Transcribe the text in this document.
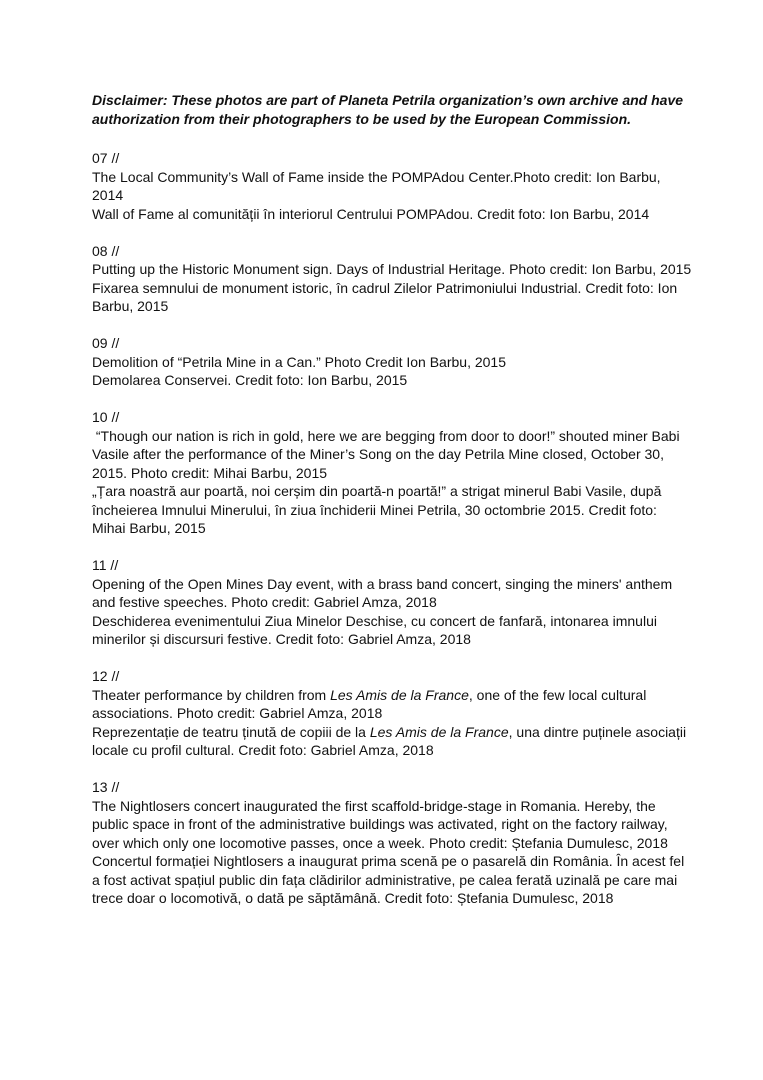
Disclaimer: These photos are part of Planeta Petrila organization’s own archive and have authorization from their photographers to be used by the European Commission.

07 //

The Local Community’s Wall of Fame inside the POMPAdou Center.Photo credit: Ion Barbu, 2014

Wall of Fame al comunității în interiorul Centrului POMPAdou. Credit foto: Ion Barbu, 2014

08 //

Putting up the Historic Monument sign. Days of Industrial Heritage. Photo credit: Ion Barbu, 2015

Fixarea semnului de monument istoric, în cadrul Zilelor Patrimoniului Industrial. Credit foto: Ion Barbu, 2015

09 //

Demolition of “Petrila Mine in a Can.” Photo Credit Ion Barbu, 2015

Demolarea Conservei. Credit foto: Ion Barbu, 2015

10 //

“Though our nation is rich in gold, here we are begging from door to door!” shouted miner Babi Vasile after the performance of the Miner’s Song on the day Petrila Mine closed, October 30, 2015. Photo credit: Mihai Barbu, 2015

„Țara noastră aur poartă, noi cerșim din poartă-n poartă!” a strigat minerul Babi Vasile, după încheierea Imnului Minerului, în ziua închiderii Minei Petrila, 30 octombrie 2015. Credit foto: Mihai Barbu, 2015

11 //

Opening of the Open Mines Day event, with a brass band concert, singing the miners' anthem and festive speeches. Photo credit: Gabriel Amza, 2018

Deschiderea evenimentului Ziua Minelor Deschise, cu concert de fanfară, intonarea imnului minerilor și discursuri festive. Credit foto: Gabriel Amza, 2018

12 //

Theater performance by children from Les Amis de la France, one of the few local cultural associations. Photo credit: Gabriel Amza, 2018

Reprezentație de teatru ținută de copiii de la Les Amis de la France, una dintre puținele asociații locale cu profil cultural. Credit foto: Gabriel Amza, 2018

13 //

The Nightlosers concert inaugurated the first scaffold-bridge-stage in Romania. Hereby, the public space in front of the administrative buildings was activated, right on the factory railway, over which only one locomotive passes, once a week. Photo credit: Ștefania Dumulesc, 2018

Concertul formației Nightlosers a inaugurat prima scenă pe o pasarelă din România. În acest fel a fost activat spațiul public din fața clădirilor administrative, pe calea ferată uzinală pe care mai trece doar o locomotivă, o dată pe săptămână. Credit foto: Ștefania Dumulesc, 2018
